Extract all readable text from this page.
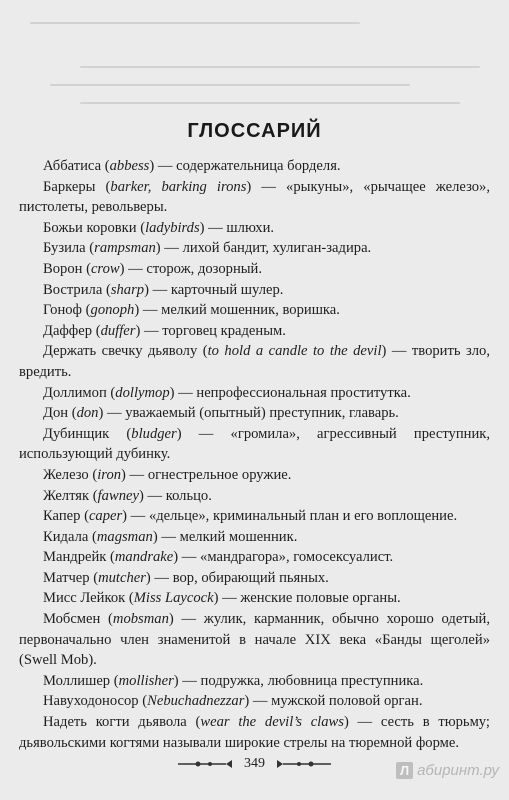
ГЛОССАРИЙ

Аббатиса (abbess) — содержательница борделя.

Баркеры (barker, barking irons) — «рыкуны», «рычащее железо», пистолеты, револьверы.

Божьи коровки (ladybirds) — шлюхи.

Бузила (rampsman) — лихой бандит, хулиган-задира.

Ворон (crow) — сторож, дозорный.

Вострила (sharp) — карточный шулер.

Гонoф (gonoph) — мелкий мошенник, воришка.

Даффер (duffer) — торговец краденым.

Держать свечку дьяволу (to hold a candle to the devil) — творить зло, вредить.

Доллимоп (dollymop) — непрофессиональная проститутка.

Дон (don) — уважаемый (опытный) преступник, главарь.

Дубинщик (bludger) — «громила», агрессивный преступник, использующий дубинку.

Железо (iron) — огнестрельное оружие.

Желтяк (fawney) — кольцо.

Капер (caper) — «дельце», криминальный план и его воплощение.

Кидала (magsman) — мелкий мошенник.

Мандрейк (mandrake) — «мандрагора», гомосексуалист.

Матчер (mutcher) — вор, обирающий пьяных.

Мисс Лейкок (Miss Laycock) — женские половые органы.

Мобсмен (mobsman) — жулик, карманник, обычно хорошо одетый, первоначально член знаменитой в начале XIX века «Банды щеголей» (Swell Mob).

Моллишер (mollisher) — подружка, любовница преступника.

Навуходоносор (Nebuchadnezzar) — мужской половой орган.

Надеть когти дьявола (wear the devil’s claws) — сесть в тюрьму; дьявольскими когтями называли широкие стрелы на тюремной форме.

349	Л абиринт.ру
